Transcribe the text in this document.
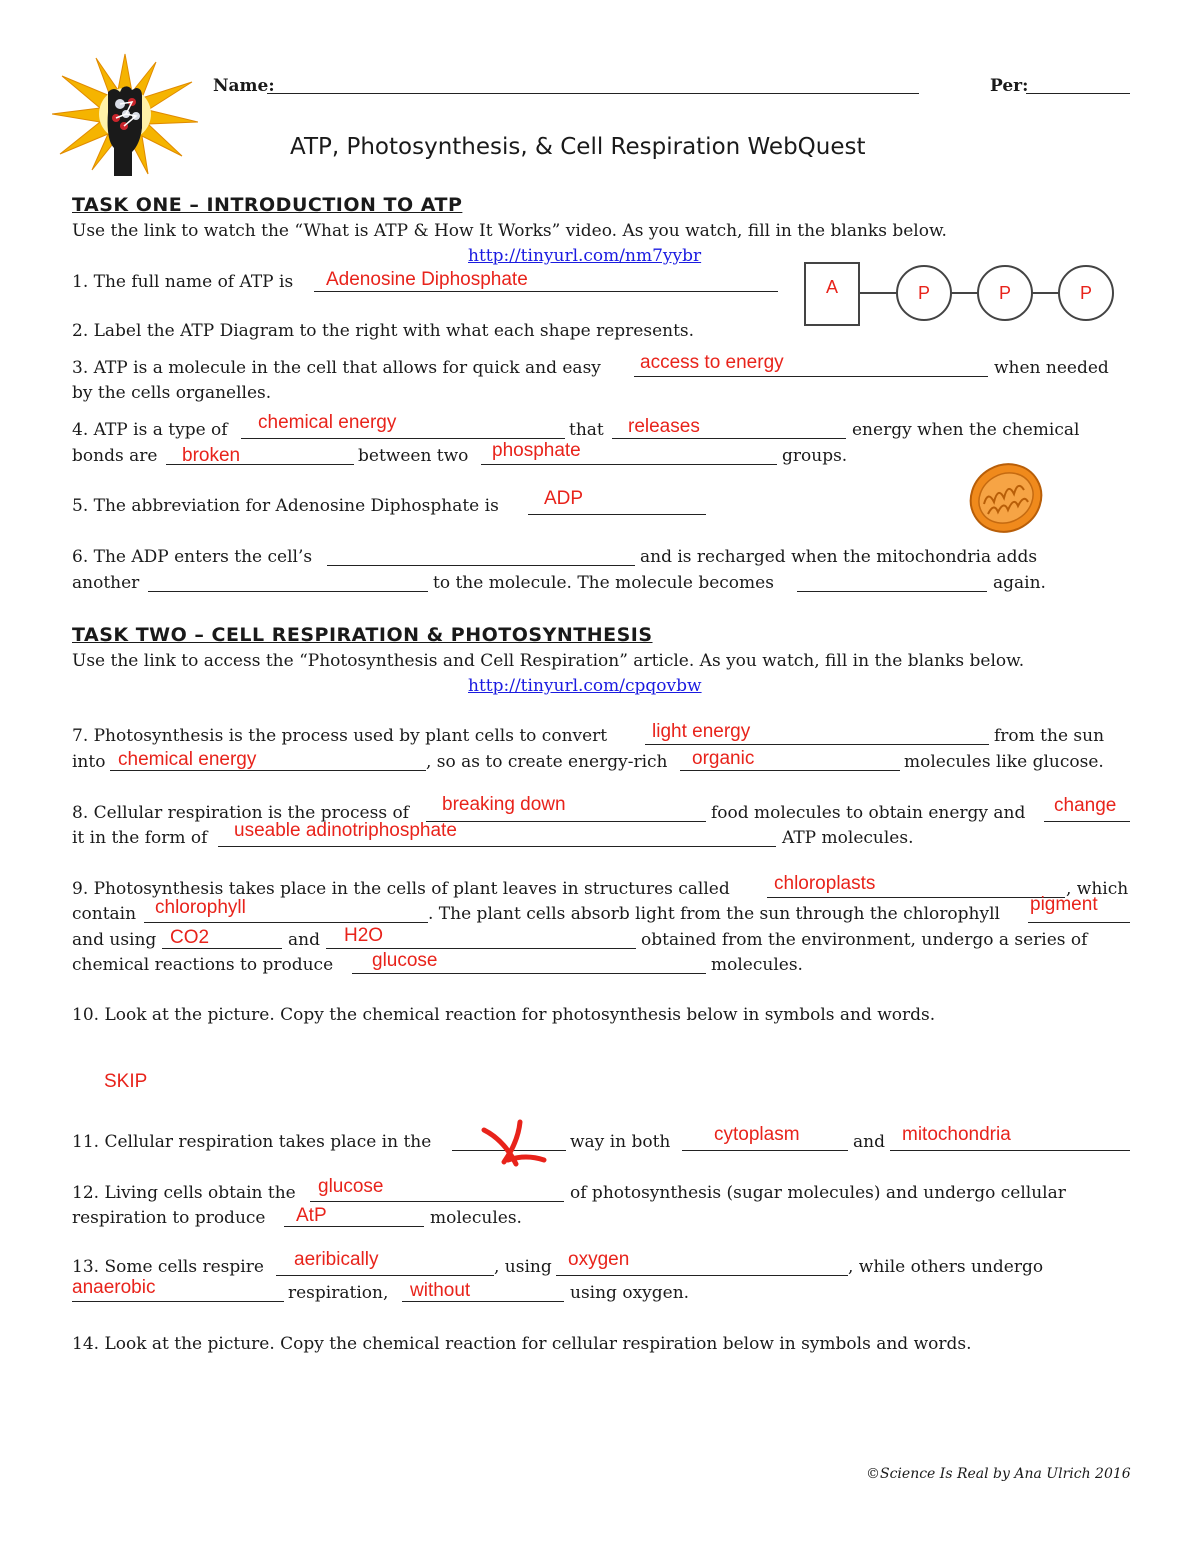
Name:	Per:
ATP, Photosynthesis, & Cell Respiration WebQuest
TASK ONE – INTRODUCTION TO ATP
Use the link to watch the “What is ATP & How It Works” video. As you watch, fill in the blanks below.
http://tinyurl.com/nm7yybr
1. The full name of ATP is Adenosine Diphosphate	A	P	P	P
2. Label the ATP Diagram to the right with what each shape represents.
3. ATP is a molecule in the cell that allows for quick and easy access to energy	when needed
by the cells organelles.
4. ATP is a type of chemical energy	that releases	energy when the chemical
bonds are broken	between two phosphate	groups.
5. The abbreviation for Adenosine Diphosphate is ADP
6. The ADP enters the cell’s	and is recharged when the mitochondria adds
another	to the molecule. The molecule becomes	again.
TASK TWO – CELL RESPIRATION & PHOTOSYNTHESIS
Use the link to access the “Photosynthesis and Cell Respiration” article. As you watch, fill in the blanks below.
http://tinyurl.com/cpqovbw
7. Photosynthesis is the process used by plant cells to convert light energy	from the sun
into chemical energy	, so as to create energy-rich organic	molecules like glucose.
8. Cellular respiration is the process of breaking down	food molecules to obtain energy and change
it in the form of useable adinotriphosphate	ATP molecules.
9. Photosynthesis takes place in the cells of plant leaves in structures called chloroplasts	, which
contain chlorophyll	. The plant cells absorb light from the sun through the chlorophyll pigment
and using CO2	and H2O	obtained from the environment, undergo a series of
chemical reactions to produce glucose	molecules.
10. Look at the picture. Copy the chemical reaction for photosynthesis below in symbols and words.
SKIP
11. Cellular respiration takes place in the	way in both cytoplasm	and mitochondria
12. Living cells obtain the glucose	of photosynthesis (sugar molecules) and undergo cellular
respiration to produce AtP	molecules.
13. Some cells respire aeribically	, using oxygen	, while others undergo
anaerobic	respiration, without	using oxygen.
14. Look at the picture. Copy the chemical reaction for cellular respiration below in symbols and words.
©Science Is Real by Ana Ulrich 2016
